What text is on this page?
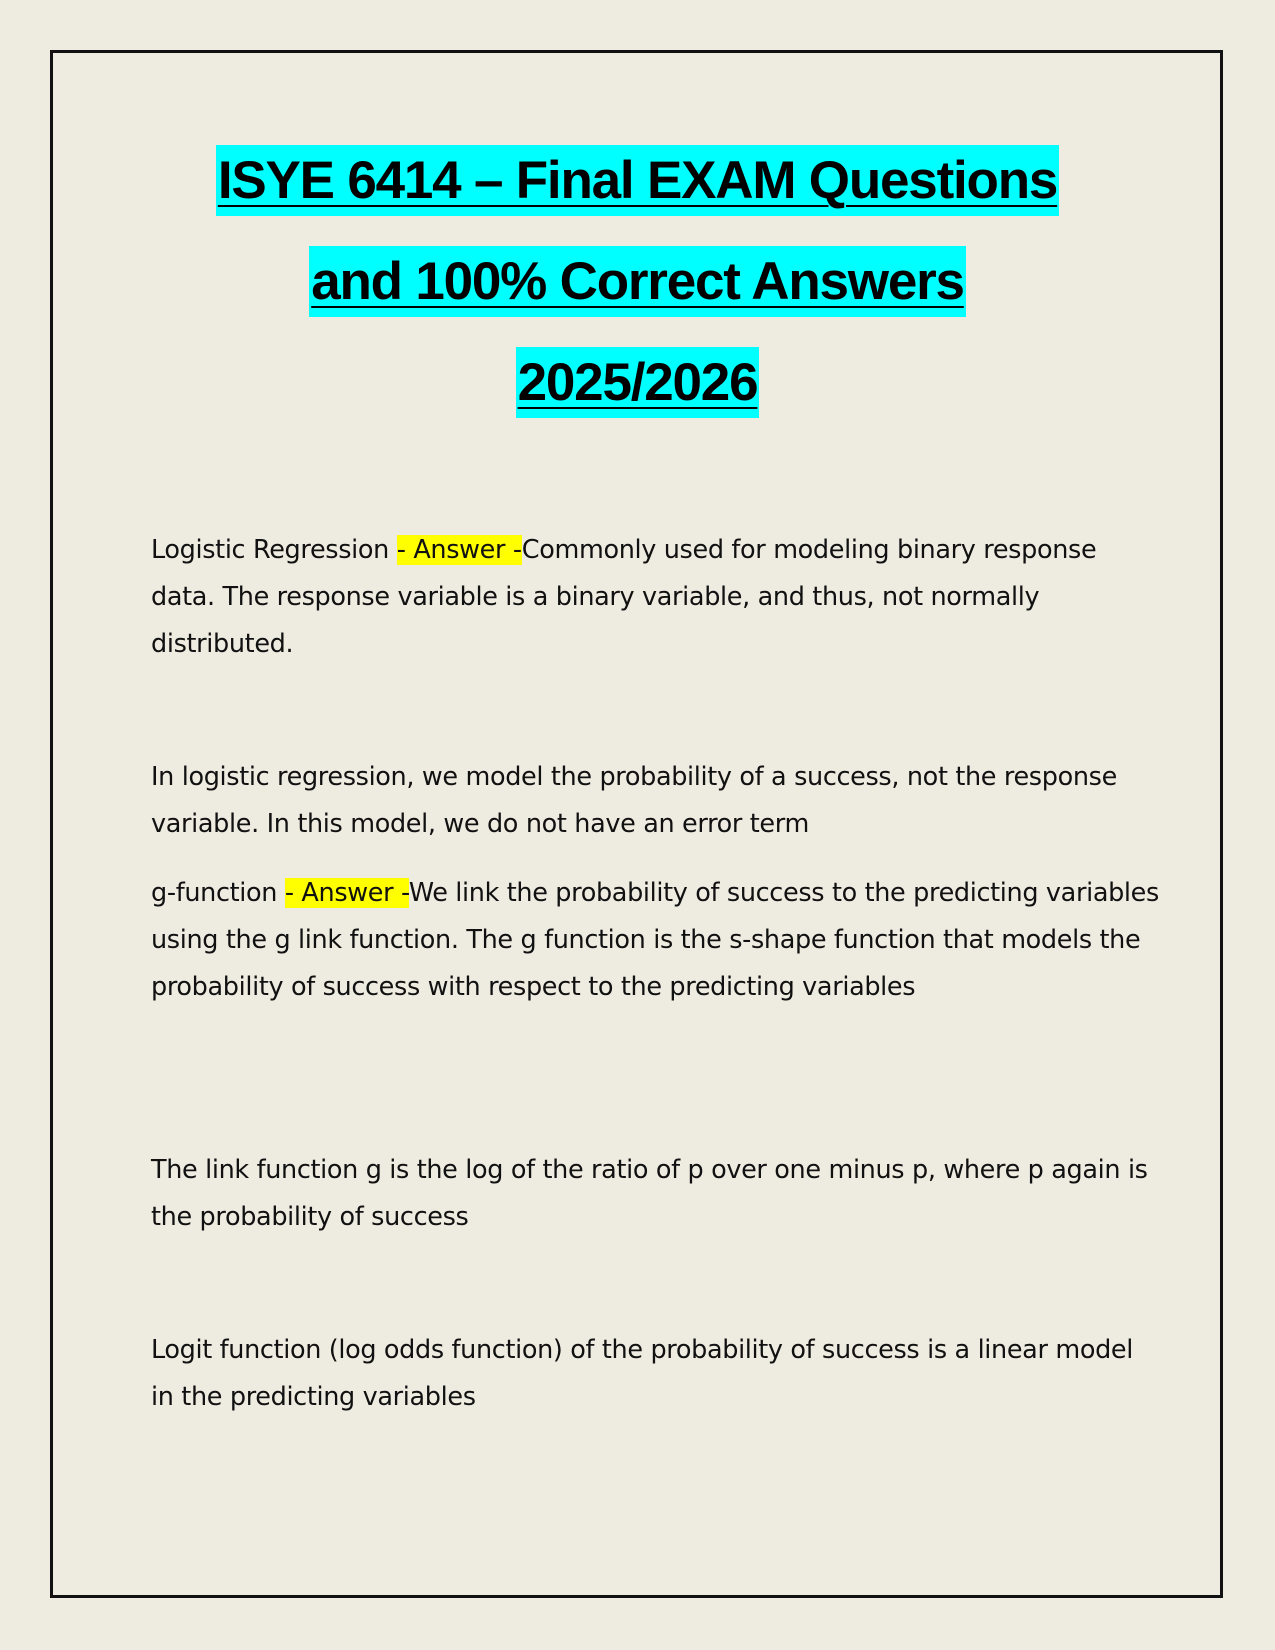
ISYE 6414 – Final EXAM Questions
and 100% Correct Answers
2025/2026

Logistic Regression - Answer -Commonly used for modeling binary response data. The response variable is a binary variable, and thus, not normally distributed.

In logistic regression, we model the probability of a success, not the response variable. In this model, we do not have an error term

g-function - Answer -We link the probability of success to the predicting variables using the g link function. The g function is the s-shape function that models the probability of success with respect to the predicting variables

The link function g is the log of the ratio of p over one minus p, where p again is the probability of success

Logit function (log odds function) of the probability of success is a linear model in the predicting variables
